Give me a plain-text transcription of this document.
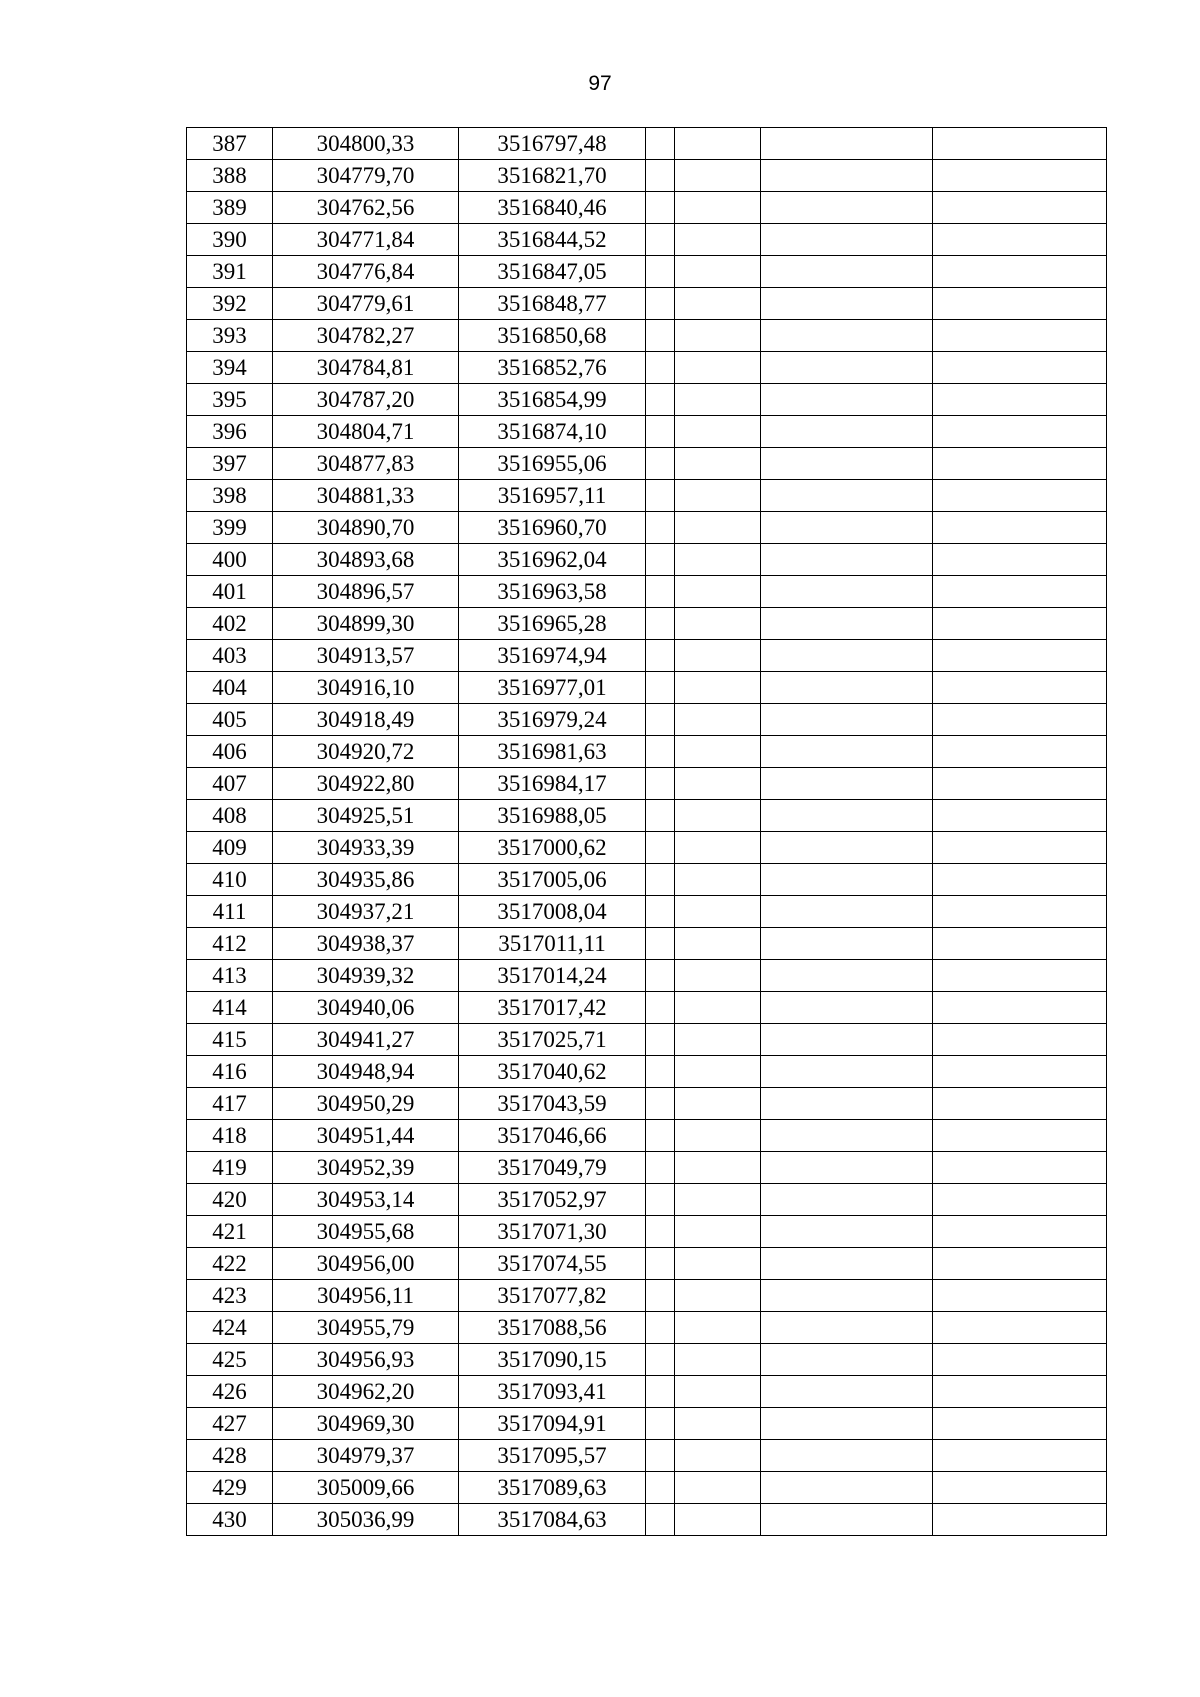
97
387	304800,33	3516797,48				
388	304779,70	3516821,70				
389	304762,56	3516840,46				
390	304771,84	3516844,52				
391	304776,84	3516847,05				
392	304779,61	3516848,77				
393	304782,27	3516850,68				
394	304784,81	3516852,76				
395	304787,20	3516854,99				
396	304804,71	3516874,10				
397	304877,83	3516955,06				
398	304881,33	3516957,11				
399	304890,70	3516960,70				
400	304893,68	3516962,04				
401	304896,57	3516963,58				
402	304899,30	3516965,28				
403	304913,57	3516974,94				
404	304916,10	3516977,01				
405	304918,49	3516979,24				
406	304920,72	3516981,63				
407	304922,80	3516984,17				
408	304925,51	3516988,05				
409	304933,39	3517000,62				
410	304935,86	3517005,06				
411	304937,21	3517008,04				
412	304938,37	3517011,11				
413	304939,32	3517014,24				
414	304940,06	3517017,42				
415	304941,27	3517025,71				
416	304948,94	3517040,62				
417	304950,29	3517043,59				
418	304951,44	3517046,66				
419	304952,39	3517049,79				
420	304953,14	3517052,97				
421	304955,68	3517071,30				
422	304956,00	3517074,55				
423	304956,11	3517077,82				
424	304955,79	3517088,56				
425	304956,93	3517090,15				
426	304962,20	3517093,41				
427	304969,30	3517094,91				
428	304979,37	3517095,57				
429	305009,66	3517089,63				
430	305036,99	3517084,63				
